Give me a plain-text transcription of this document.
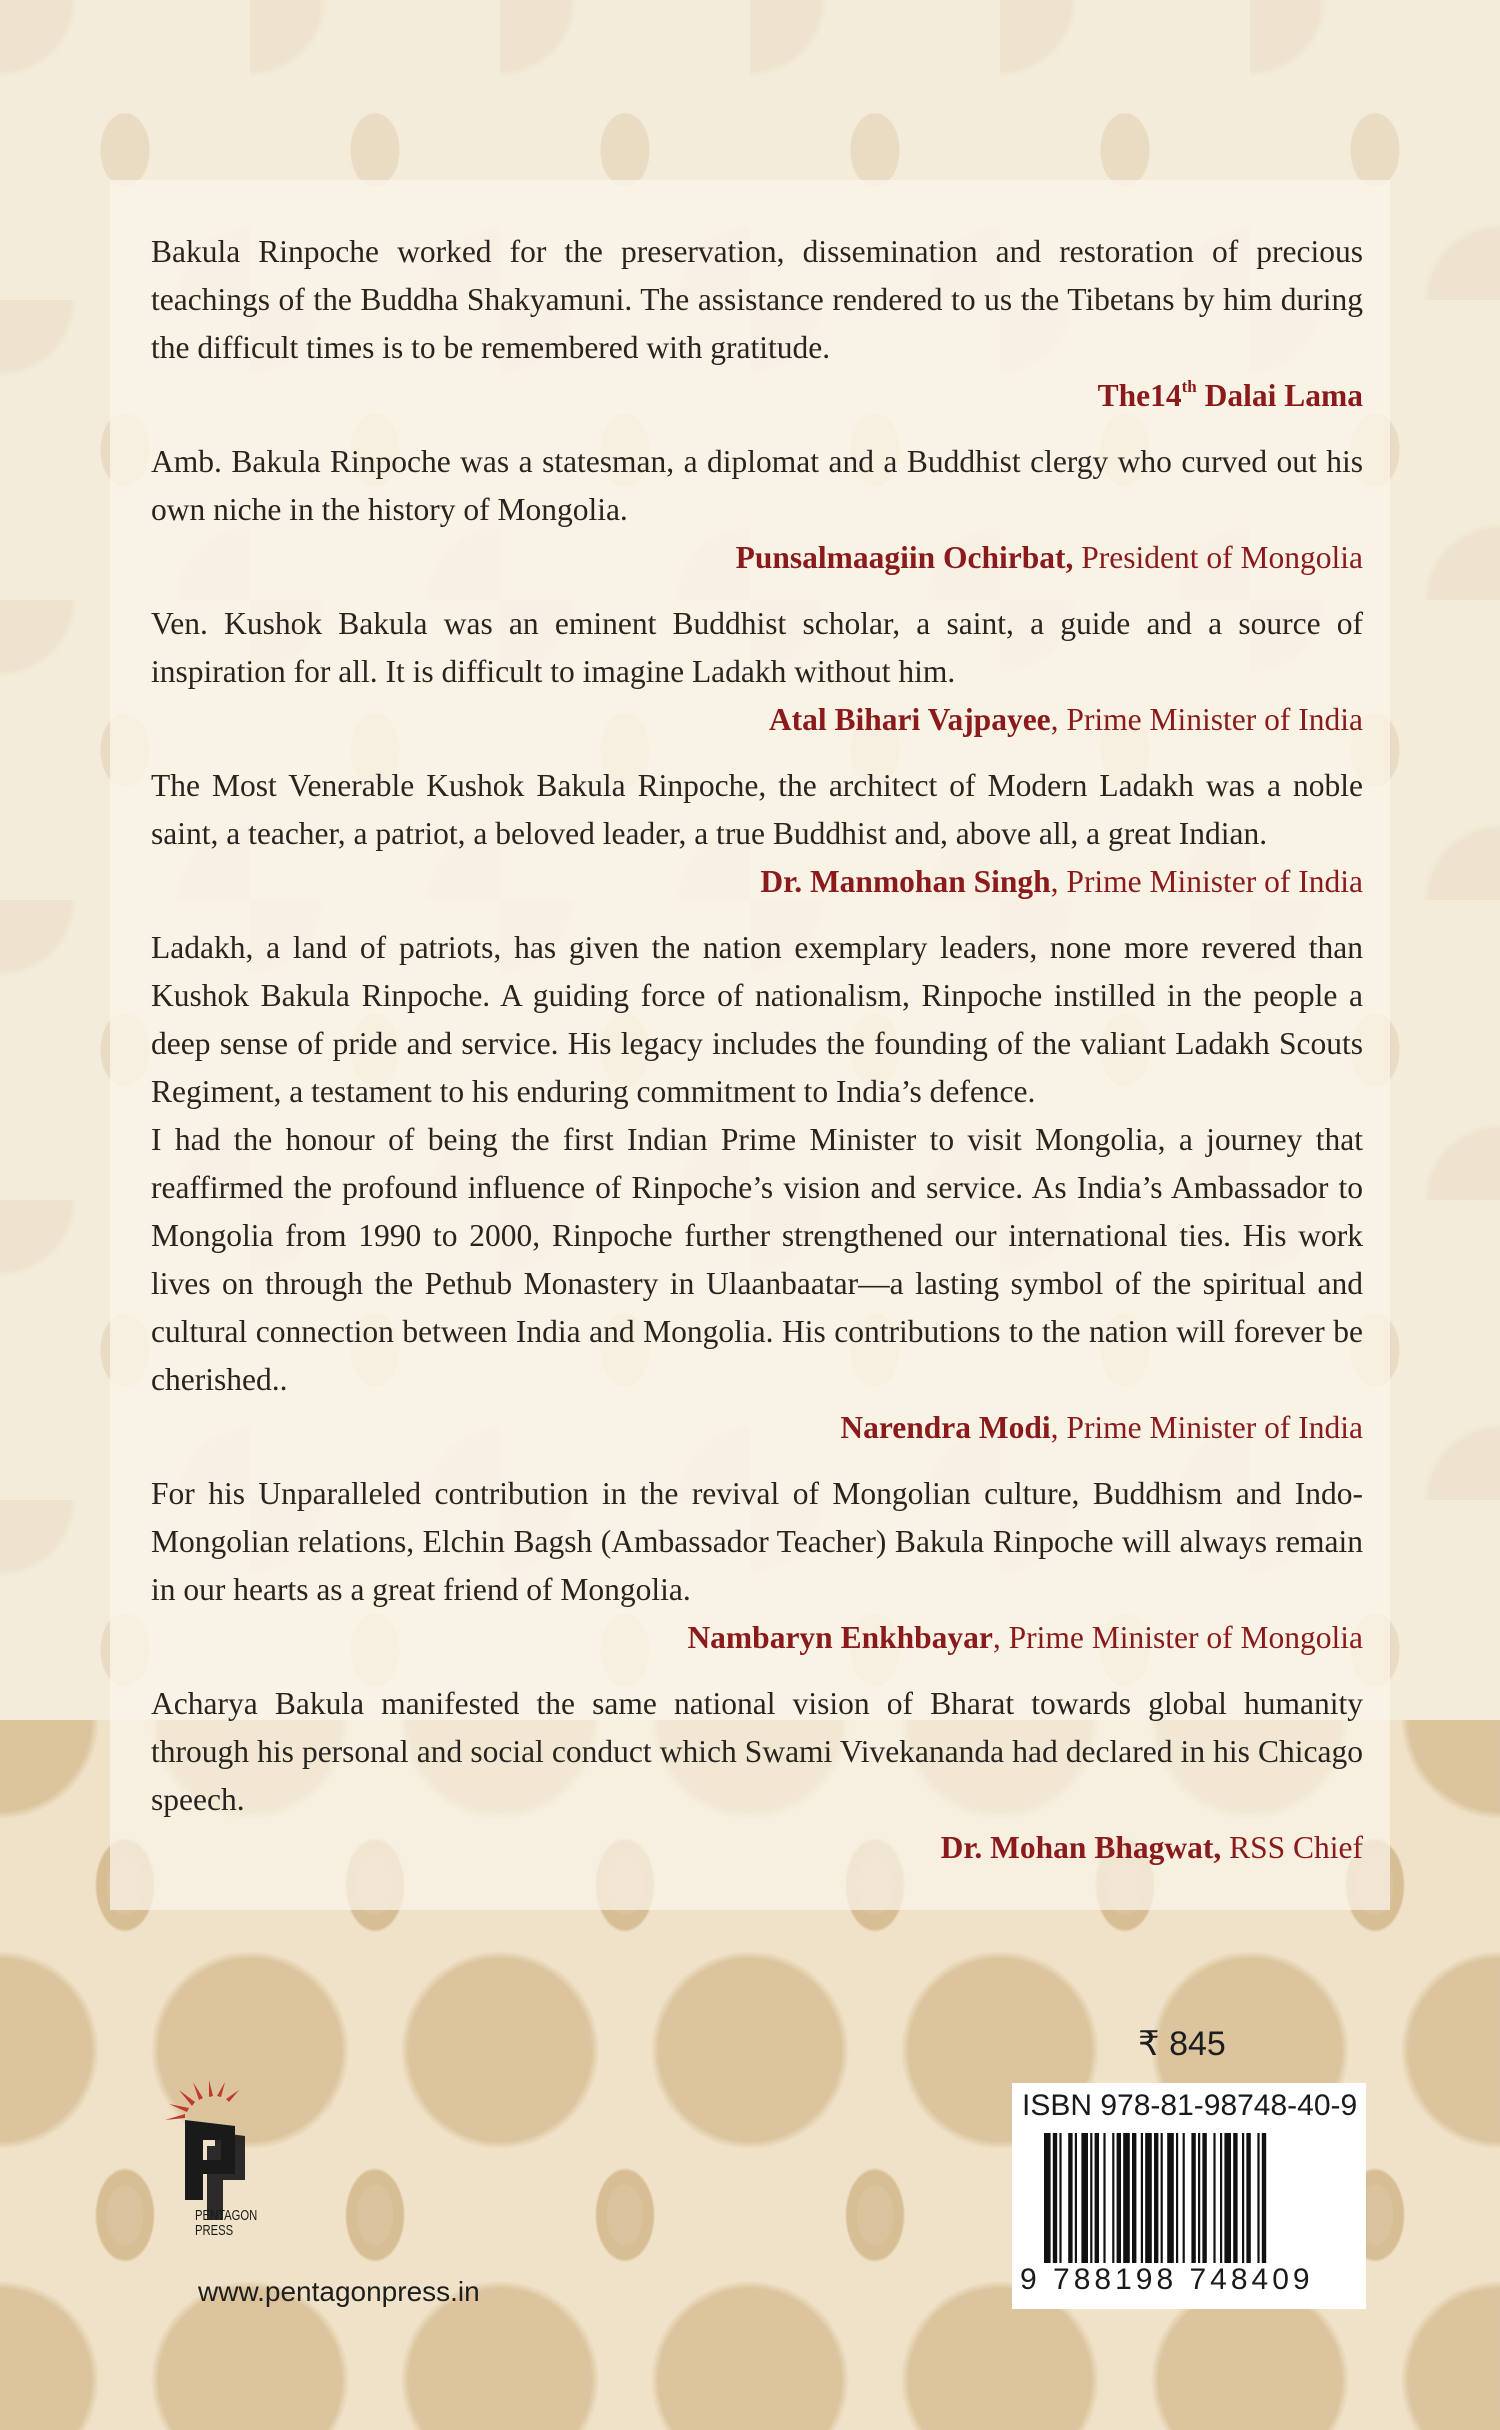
Bakula Rinpoche worked for the preservation, dissemination and restoration of precious teachings of the Buddha Shakyamuni. The assistance rendered to us the Tibetans by him during the difficult times is to be remembered with gratitude.

The14th Dalai Lama

Amb. Bakula Rinpoche was a statesman, a diplomat and a Buddhist clergy who curved out his own niche in the history of Mongolia.

Punsalmaagiin Ochirbat, President of Mongolia

Ven. Kushok Bakula was an eminent Buddhist scholar, a saint, a guide and a source of inspiration for all. It is difficult to imagine Ladakh without him.

Atal Bihari Vajpayee, Prime Minister of India

The Most Venerable Kushok Bakula Rinpoche, the architect of Modern Ladakh was a noble saint, a teacher, a patriot, a beloved leader, a true Buddhist and, above all, a great Indian.

Dr. Manmohan Singh, Prime Minister of India

Ladakh, a land of patriots, has given the nation exemplary leaders, none more revered than Kushok Bakula Rinpoche. A guiding force of nationalism, Rinpoche instilled in the people a deep sense of pride and service. His legacy includes the founding of the valiant Ladakh Scouts Regiment, a testament to his enduring commitment to India’s defence.

I had the honour of being the first Indian Prime Minister to visit Mongolia, a journey that reaffirmed the profound influence of Rinpoche’s vision and service. As India’s Ambassador to Mongolia from 1990 to 2000, Rinpoche further strengthened our international ties. His work lives on through the Pethub Monastery in Ulaanbaatar—a lasting symbol of the spiritual and cultural connection between India and Mongolia. His contributions to the nation will forever be cherished..

Narendra Modi, Prime Minister of India

For his Unparalleled contribution in the revival of Mongolian culture, Buddhism and Indo-Mongolian relations, Elchin Bagsh (Ambassador Teacher) Bakula Rinpoche will always remain in our hearts as a great friend of Mongolia.

Nambaryn Enkhbayar, Prime Minister of Mongolia

Acharya Bakula manifested the same national vision of Bharat towards global humanity through his personal and social conduct which Swami Vivekananda had declared in his Chicago speech.

Dr. Mohan Bhagwat, RSS Chief

PENTAGON
PRESS
www.pentagonpress.in
₹ 845
ISBN 978-81-98748-40-9
9 788198 748409
